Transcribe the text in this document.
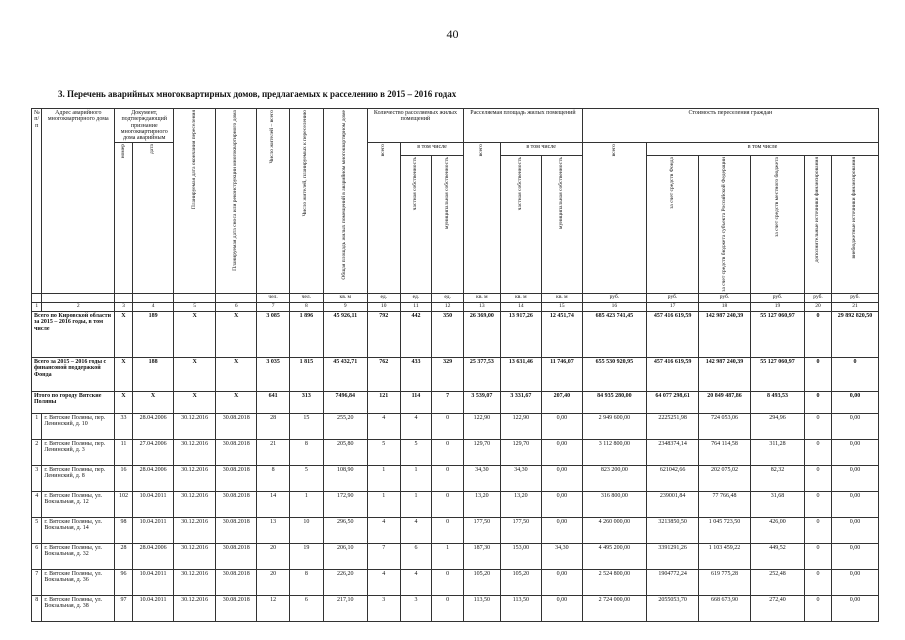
40
3. Перечень аварийных многоквартирных домов, предлагаемых к расселению в 2015 – 2016 годах
№ п/п	Адрес аварийного многоквартирного дома	Документ, подтверждающий признание многоквартирного дома аварийным		Планируемая дата окончания переселения	Планируемая дата сноса или реконструкции многоквартирного дома	Число жителей – всего	Число жителей, планируемых к переселению	Общая площадь жилых помещений в аварийном многоквартирном доме	Количество расселяемых жилых помещений			Расселяемая площадь жилых помещений			Стоимость переселения граждан					

		номер	дата						всего	в том числе		всего	в том числе		всего	в том числе				

										частная собственность	муниципальная собственность		частная собственность	муниципальная собственность		за счет средств Фонда	за счет средств бюджета субъекта Российской Федерации	за счет средств местного бюджета	дополнительные источники финансирования	внебюджетные источники финансирования

						чел.	чел.	кв. м	ед.	ед.	ед.	кв. м	кв. м	кв. м	руб.	руб.	руб.	руб.	руб.	руб.
1	2	3	4	5	6	7	8	9	10	11	12	13	14	15	16	17	18	19	20	21
Всего по Кировской области за 2015 – 2016 годы, в том числе		X	189	X	X	3 085	1 896	45 926,11	792	442	350	26 369,00	13 917,26	12 451,74	685 423 741,45	457 416 619,59	142 987 240,39	55 127 060,97	0	29 892 820,50
Всего за 2015 – 2016 годы с финансовой поддержкой Фонда		X	188	X	X	3 035	1 815	45 432,71	762	433	329	25 377,53	13 631,46	11 746,07	655 530 920,95	457 416 619,59	142 987 240,39	55 127 060,97	0	0
Итого по городу Вятские Поляны		X	X	X	X	641	313	7496,84	121	114	7	3 539,07	3 331,67	207,40	84 935 280,00	64 077 298,61	20 849 487,86	8 493,53	0	0,00
1	г. Вятские Поляны, пер. Ленинский, д. 10	33	28.04.2006	30.12.2016	30.08.2018	28	15	255,20	4	4	0	122,90	122,90	0,00	2 949 600,00	2225251,98	724 053,06	294,96	0	0,00
2	г. Вятские Поляны, пер. Ленинский, д. 3	11	27.04.2006	30.12.2016	30.08.2018	21	8	205,80	5	5	0	129,70	129,70	0,00	3 112 800,00	2348374,14	764 114,58	311,28	0	0,00
3	г. Вятские Поляны, пер. Ленинский, д. 8	16	28.04.2006	30.12.2016	30.08.2018	8	5	108,90	1	1	0	34,30	34,30	0,00	823 200,00	621042,66	202 075,02	82,32	0	0,00
4	г. Вятские Поляны, ул. Вокзальная, д. 12	102	10.04.2011	30.12.2016	30.08.2018	14	1	172,90	1	1	0	13,20	13,20	0,00	316 800,00	239001,84	77 766,48	31,68	0	0,00
5	г. Вятские Поляны, ул. Вокзальная, д. 14	98	10.04.2011	30.12.2016	30.08.2018	13	10	296,50	4	4	0	177,50	177,50	0,00	4 260 000,00	3213850,50	1 045 723,50	426,00	0	0,00
6	г. Вятские Поляны, ул. Вокзальная, д. 32	28	28.04.2006	30.12.2016	30.08.2018	20	19	206,10	7	6	1	187,30	153,00	34,30	4 495 200,00	3391291,26	1 103 459,22	449,52	0	0,00
7	г. Вятские Поляны, ул. Вокзальная, д. 36	96	10.04.2011	30.12.2016	30.08.2018	20	8	226,20	4	4	0	105,20	105,20	0,00	2 524 800,00	1904772,24	619 775,28	252,48	0	0,00
8	г. Вятские Поляны, ул. Вокзальная, д. 38	97	10.04.2011	30.12.2016	30.08.2018	12	6	217,10	3	3	0	113,50	113,50	0,00	2 724 000,00	2055053,70	668 673,90	272,40	0	0,00
